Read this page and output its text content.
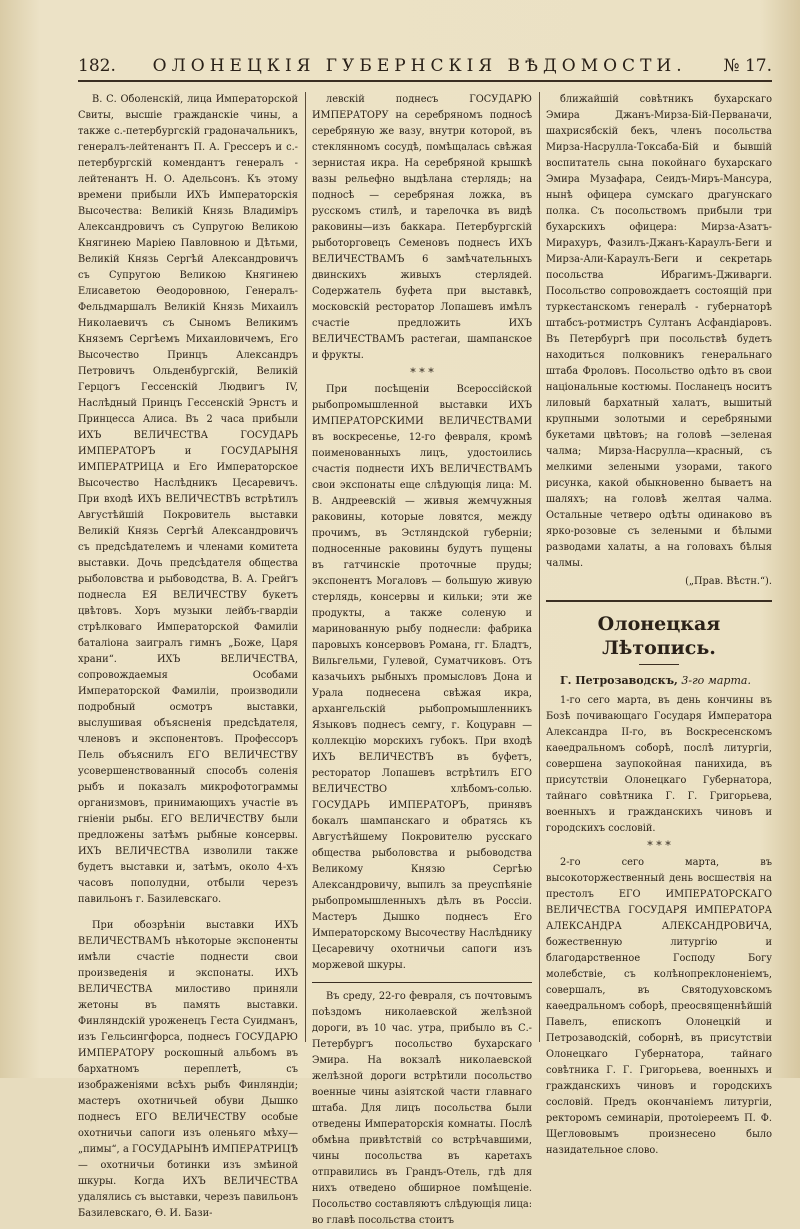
182. ОЛОНЕЦКІЯ ГУБЕРНСКІЯ ВѢДОМОСТИ. № 17.

В. С. Оболенскій, лица Императорской Свиты, высшіе гражданскіе чины, а также с.-петербургскій градоначальникъ, генералъ-лейтенантъ П. А. Грессеръ и с.-петербургскій комендантъ генералъ - лейтенантъ Н. О. Адельсонъ. Къ этому времени прибыли ИХЪ Императорскія Высочества: Великій Князь Владиміръ Александровичъ съ Супругою Великою Княгинею Маріею Павловною и Дѣтьми, Великій Князь Сергѣй Александровичъ съ Супругою Великою Княгинею Елисаветою Ѳеодоровною, Генералъ-Фельдмаршалъ Великій Князь Михаилъ Николаевичъ съ Сыномъ Великимъ Княземъ Сергѣемъ Михаиловичемъ, Его Высочество Принцъ Александръ Петровичъ Ольденбургскій, Великій Герцогъ Гессенскій Людвигъ IV, Наслѣдный Принцъ Гессенскій Эрнстъ и Принцесса Алиса. Въ 2 часа прибыли ИХЪ ВЕЛИЧЕСТВА ГОСУДАРЬ ИМПЕРАТОРЪ и ГОСУДАРЫНЯ ИМПЕРАТРИЦА и Его Императорское Высочество Наслѣдникъ Цесаревичъ. При входѣ ИХЪ ВЕЛИЧЕСТВЪ встрѣтилъ Августѣйшій Покровитель выставки Великій Князь Сергѣй Александровичъ съ предсѣдателемъ и членами комитета выставки. Дочь предсѣдателя общества рыболовства и рыбоводства, В. А. Грейгъ поднесла ЕЯ ВЕЛИЧЕСТВУ букетъ цвѣтовъ. Хоръ музыки лейбъ-гвардіи стрѣлковаго Императорской Фамиліи баталіона заигралъ гимнъ „Боже, Царя храни“. ИХЪ ВЕЛИЧЕСТВА, сопровождаемыя Особами Императорской Фамиліи, производили подробный осмотръ выставки, выслушивая объясненія предсѣдателя, членовъ и экспонентовъ. Профессоръ Пель объяснилъ ЕГО ВЕЛИЧЕСТВУ усовершенствованный способъ соленія рыбъ и показалъ микрофотограммы организмовъ, принимающихъ участіе въ гніеніи рыбы. ЕГО ВЕЛИЧЕСТВУ были предложены затѣмъ рыбные консервы. ИХЪ ВЕЛИЧЕСТВА изволили также будетъ выставки и, затѣмъ, около 4-хъ часовъ пополудни, отбыли черезъ павильонъ г. Базилевскаго.

При обозрѣніи выставки ИХЪ ВЕЛИЧЕСТВАМЪ нѣкоторые экспоненты имѣли счастіе поднести свои произведенія и экспонаты. ИХЪ ВЕЛИЧЕСТВА милостиво приняли жетоны въ память выставки. Финляндскій уроженецъ Геста Суидманъ, изъ Гельсингфорса, поднесъ ГОСУДАРЮ ИМПЕРАТОРУ роскошный альбомъ въ бархатномъ переплетѣ, съ изображеніями всѣхъ рыбъ Финляндіи; мастеръ охотничьей обуви Дышко поднесъ ЕГО ВЕЛИЧЕСТВУ особые охотничьи сапоги изъ оленьяго мѣху—„пимы“, а ГОСУДАРЫНѢ ИМПЕРАТРИЦѢ — охотничьи ботинки изъ змѣиной шкуры. Когда ИХЪ ВЕЛИЧЕСТВА удалялись съ выставки, черезъ павильонъ Базилевскаго, Ѳ. И. Бази-

левскій поднесъ ГОСУДАРЮ ИМПЕРАТОРУ на серебряномъ подносѣ серебряную же вазу, внутри которой, въ стеклянномъ сосудѣ, помѣщалась свѣжая зернистая икра. На серебряной крышкѣ вазы рельефно выдѣлана стерлядь; на подносѣ — серебряная ложка, въ русскомъ стилѣ, и тарелочка въ видѣ раковины—изъ баккара. Петербургскій рыботорговецъ Семеновъ поднесъ ИХЪ ВЕЛИЧЕСТВАМЪ 6 замѣчательныхъ двинскихъ живыхъ стерлядей. Содержатель буфета при выставкѣ, московскій ресторатор Лопашевъ имѣлъ счастіе предложить ИХЪ ВЕЛИЧЕСТВАМЪ растегаи, шампанское и фрукты.

* * *

При посѣщеніи Всероссійской рыбопромышленной выставки ИХЪ ИМПЕРАТОРСКИМИ ВЕЛИЧЕСТВАМИ въ воскресенье, 12-го февраля, кромѣ поименованныхъ лицъ, удостоились счастія поднести ИХЪ ВЕЛИЧЕСТВАМЪ свои экспонаты еще слѣдующія лица: М. В. Андреевскій — живыя жемчужныя раковины, которые ловятся, между прочимъ, въ Эстляндской губерніи; подносенные раковины будутъ пущены въ гатчинскіе проточные пруды; экспонентъ Могаловъ — большую живую стерлядь, консервы и кильки; эти же продукты, а также соленую и маринованную рыбу поднесли: фабрика паровыхъ консервовъ Романа, гг. Бладтъ, Вильгельми, Гулевой, Суматчиковъ. Отъ казачьихъ рыбныхъ промысловъ Дона и Урала поднесена свѣжая икра, архангельскій рыбопромышленникъ Языковъ поднесъ семгу, г. Коцуравн — коллекцію морскихъ губокъ. При входѣ ИХЪ ВЕЛИЧЕСТВЪ въ буфетъ, ресторатор Лопашевъ встрѣтилъ ЕГО ВЕЛИЧЕСТВО хлѣбомъ-солью. ГОСУДАРЬ ИМПЕРАТОРЪ, принявъ бокалъ шампанскаго и обратясь къ Августѣйшему Покровителю русскаго общества рыболовства и рыбоводства Великому Князю Сергѣю Александровичу, выпилъ за преуспѣяніе рыбопромышленныхъ дѣлъ въ Россіи. Мастеръ Дышко поднесъ Его Императорскому Высочеству Наслѣднику Цесаревичу охотничьи сапоги изъ моржевой шкуры.

Въ среду, 22-го февраля, съ почтовымъ поѣздомъ николаевской желѣзной дороги, въ 10 час. утра, прибыло въ С.-Петербургъ посольство бухарскаго Эмира. На вокзалѣ николаевской желѣзной дороги встрѣтили посольство военные чины азіятской части главнаго штаба. Для лицъ посольства были отведены Императорскія комнаты. Послѣ обмѣна привѣтствій со встрѣчавшими, чины посольства въ каретахъ отправились въ Грандъ-Отель, гдѣ для нихъ отведено обширное помѣщеніе. Посольство составляютъ слѣдующія лица: во главѣ посольства стоитъ

ближайшій совѣтникъ бухарскаго Эмира Джанъ-Мирза-Бій-Перваначи, шахрисябскій бекъ, членъ посольства Мирза-Насрулла-Токсаба-Бій и бывшій воспитатель сына покойнаго бухарскаго Эмира Музафара, Сеидъ-Миръ-Мансура, нынѣ офицера сумскаго драгунскаго полка. Съ посольствомъ прибыли три бухарскихъ офицера: Мирза-Азатъ-Мирахуръ, Фазилъ-Джанъ-Караулъ-Беги и Мирза-Али-Караулъ-Беги и секретарь посольства Ибрагимъ-Дживарги. Посольство сопровождаетъ состоящій при туркестанскомъ генералѣ - губернаторѣ штабсъ-ротмистръ Султанъ Асфандіаровъ. Въ Петербургѣ при посольствѣ будетъ находиться полковникъ генеральнаго штаба Фроловъ. Посольство одѣто въ свои національные костюмы. Посланецъ носитъ лиловый бархатный халатъ, вышитый крупными золотыми и серебряными букетами цвѣтовъ; на головѣ —зеленая чалма; Мирза-Насрулла—красный, съ мелкими зелеными узорами, такого рисунка, какой обыкновенно бываетъ на шаляхъ; на головѣ желтая чалма. Остальные четверо одѣты одинаково въ ярко-розовые съ зелеными и бѣлыми разводами халаты, а на головахъ бѣлыя чалмы.

(„Прав. Вѣстн.“).
Олонецкая Лѣтопись.
Г. Петрозаводскъ, 3-го марта.

1-го сего марта, въ день кончины въ Бозѣ почивающаго Государя Императора Александра II-го, въ Воскресенскомъ каѳедральномъ соборѣ, послѣ литургіи, совершена заупокойная панихида, въ присутствіи Олонецкаго Губернатора, тайнаго совѣтника Г. Г. Григорьева, военныхъ и гражданскихъ чиновъ и городскихъ сословій.

* * *

2-го сего марта, въ высокоторжественный день восшествія на престолъ ЕГО ИМПЕРАТОРСКАГО ВЕЛИЧЕСТВА ГОСУДАРЯ ИМПЕРАТОРА АЛЕКСАНДРА АЛЕКСАНДРОВИЧА, божественную литургію и благодарственное Господу Богу молебствіе, съ колѣнопреклоненіемъ, совершалъ, въ Святодуховскомъ каѳедральномъ соборѣ, преосвященнѣйшій Павелъ, епископъ Олонецкій и Петрозаводскій, соборнѣ, въ присутствіи Олонецкаго Губернатора, тайнаго совѣтника Г. Г. Григорьева, военныхъ и гражданскихъ чиновъ и городскихъ сословій. Предъ окончаніемъ литургіи, ректоромъ семинаріи, протоіереемъ П. Ф. Щеглововымъ произнесено было назидательное слово.
